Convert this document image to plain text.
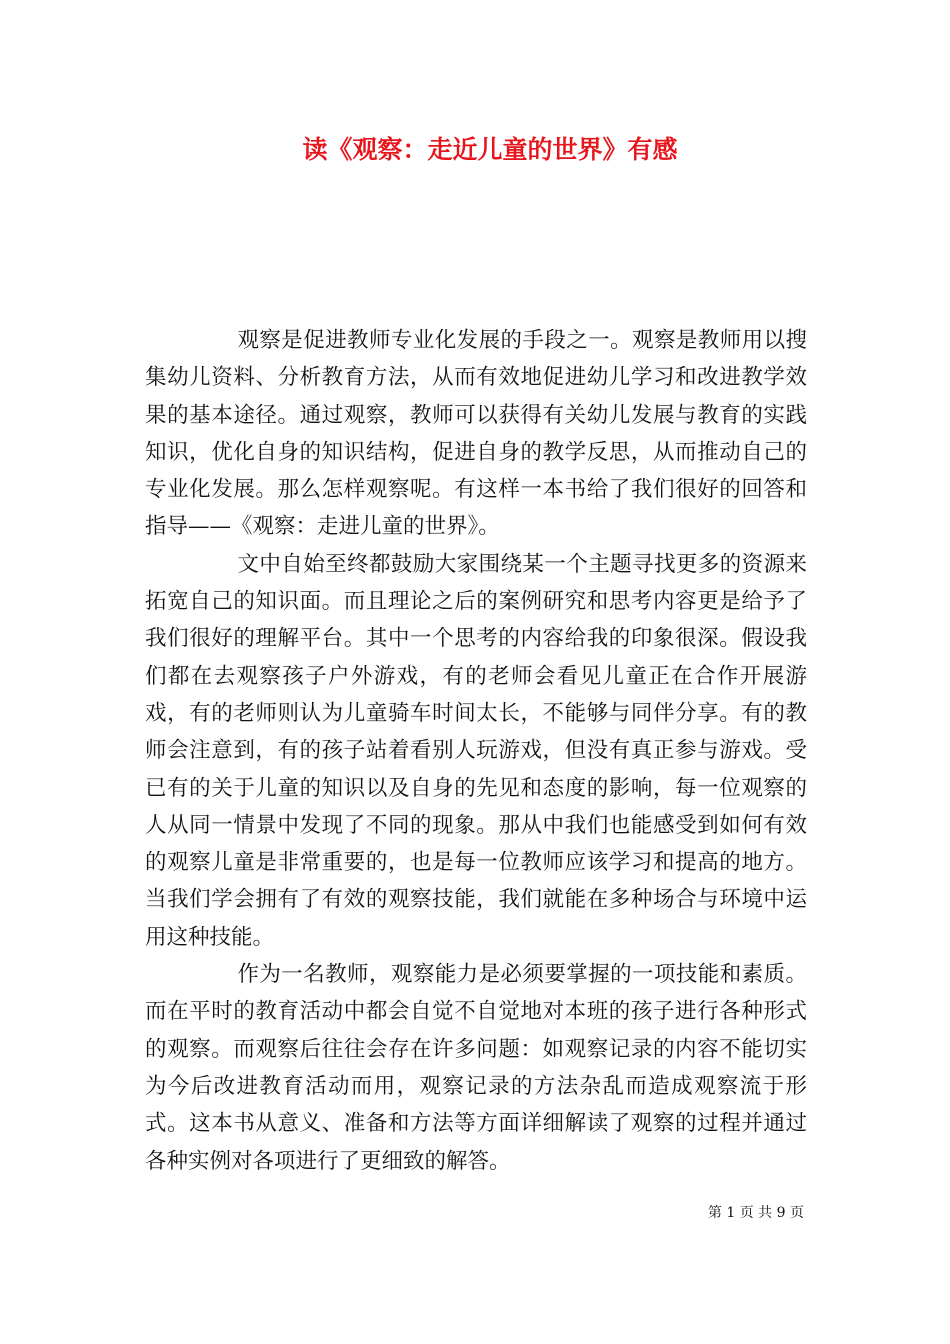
读《观察：走近儿童的世界》有感

观察是促进教师专业化发展的手段之一。观察是教师用以搜集幼儿资料、分析教育方法，从而有效地促进幼儿学习和改进教学效果的基本途径。通过观察，教师可以获得有关幼儿发展与教育的实践知识，优化自身的知识结构，促进自身的教学反思，从而推动自己的专业化发展。那么怎样观察呢。有这样一本书给了我们很好的回答和指导——《观察：走进儿童的世界》。

文中自始至终都鼓励大家围绕某一个主题寻找更多的资源来拓宽自己的知识面。而且理论之后的案例研究和思考内容更是给予了我们很好的理解平台。其中一个思考的内容给我的印象很深。假设我们都在去观察孩子户外游戏，有的老师会看见儿童正在合作开展游戏，有的老师则认为儿童骑车时间太长，不能够与同伴分享。有的教师会注意到，有的孩子站着看别人玩游戏，但没有真正参与游戏。受已有的关于儿童的知识以及自身的先见和态度的影响，每一位观察的人从同一情景中发现了不同的现象。那从中我们也能感受到如何有效的观察儿童是非常重要的，也是每一位教师应该学习和提高的地方。当我们学会拥有了有效的观察技能，我们就能在多种场合与环境中运用这种技能。

作为一名教师，观察能力是必须要掌握的一项技能和素质。而在平时的教育活动中都会自觉不自觉地对本班的孩子进行各种形式的观察。而观察后往往会存在许多问题：如观察记录的内容不能切实为今后改进教育活动而用，观察记录的方法杂乱而造成观察流于形式。这本书从意义、准备和方法等方面详细解读了观察的过程并通过各种实例对各项进行了更细致的解答。

第 1 页 共 9 页
